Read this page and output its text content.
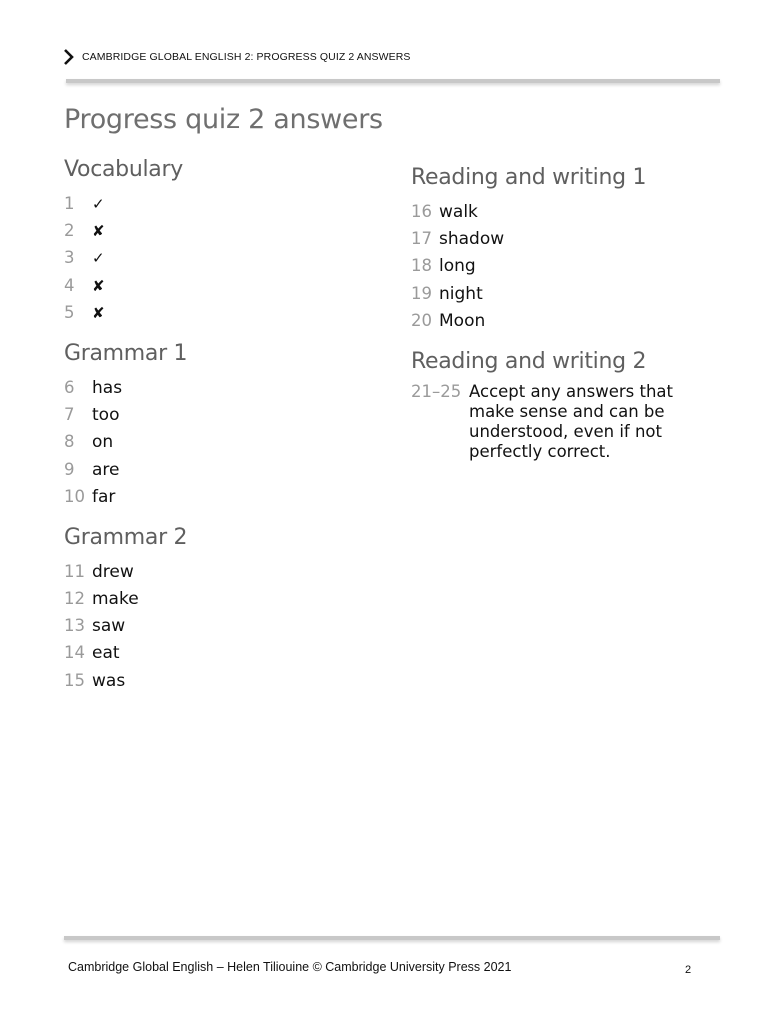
CAMBRIDGE GLOBAL ENGLISH 2: PROGRESS QUIZ 2 ANSWERS
Progress quiz 2 answers
Vocabulary
1	✓
2	✘
3	✓
4	✘
5	✘
Grammar 1
6	has
7	too
8	on
9	are
10 far
Grammar 2
11 drew
12 make
13 saw
14 eat
15 was
Reading and writing 1
16 walk
17 shadow
18 long
19 night
20 Moon
Reading and writing 2
21–25 Accept any answers that make sense and can be understood, even if not perfectly correct.
Cambridge Global English – Helen Tiliouine © Cambridge University Press 2021	2
